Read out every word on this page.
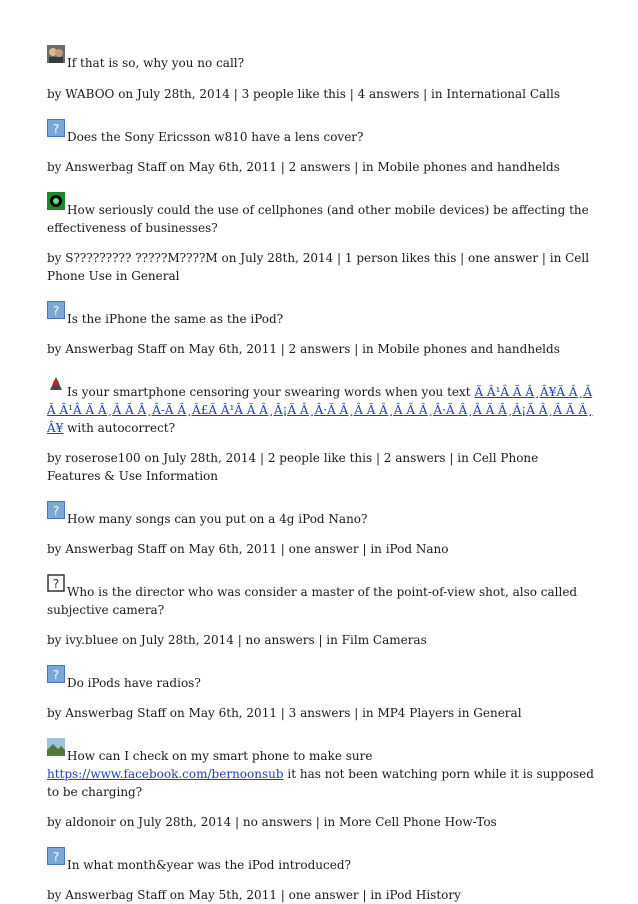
If that is so, why you no call?

by WABOO on July 28th, 2014 | 3 people like this | 4 answers | in International Calls

?
Does the Sony Ericsson w810 have a lens cover?

by Answerbag Staff on May 6th, 2011 | 2 answers | in Mobile phones and handhelds

How seriously could the use of cellphones (and other mobile devices) be affecting the effectiveness of businesses?

by S????????? ?????M????M on July 28th, 2014 | 1 person likes this | one answer | in Cell Phone Use in General

?
Is the iPhone the same as the iPod?

by Answerbag Staff on May 6th, 2011 | 2 answers | in Mobile phones and handhelds

Is your smartphone censoring your swearing words when you text Ã Â¹Â Ã Â¸Â¥Ã Â¸Â Ã Â¹Â Ã Â¸Â Ã Â¸Â-Ã Â¸Â£Ã Â¹Â Ã Â¸Â¡Ã Â¸Â·Ã Â¸Â Ã Â¸Â Ã Â¸Â·Ã Â¸Â Ã Â¸Â¡Ã Â¸Â Ã Â¸Â¥ with autocorrect?

by roserose100 on July 28th, 2014 | 2 people like this | 2 answers | in Cell Phone Features & Use Information

?
How many songs can you put on a 4g iPod Nano?

by Answerbag Staff on May 6th, 2011 | one answer | in iPod Nano

?
Who is the director who was consider a master of the point-of-view shot, also called subjective camera?

by ivy.bluee on July 28th, 2014 | no answers | in Film Cameras

?
Do iPods have radios?

by Answerbag Staff on May 6th, 2011 | 3 answers | in MP4 Players in General

How can I check on my smart phone to make sure https://www.facebook.com/bernoonsub it has not been watching porn while it is supposed to be charging?

by aldonoir on July 28th, 2014 | no answers | in More Cell Phone How-Tos

?
In what month&year was the iPod introduced?

by Answerbag Staff on May 5th, 2011 | one answer | in iPod History
